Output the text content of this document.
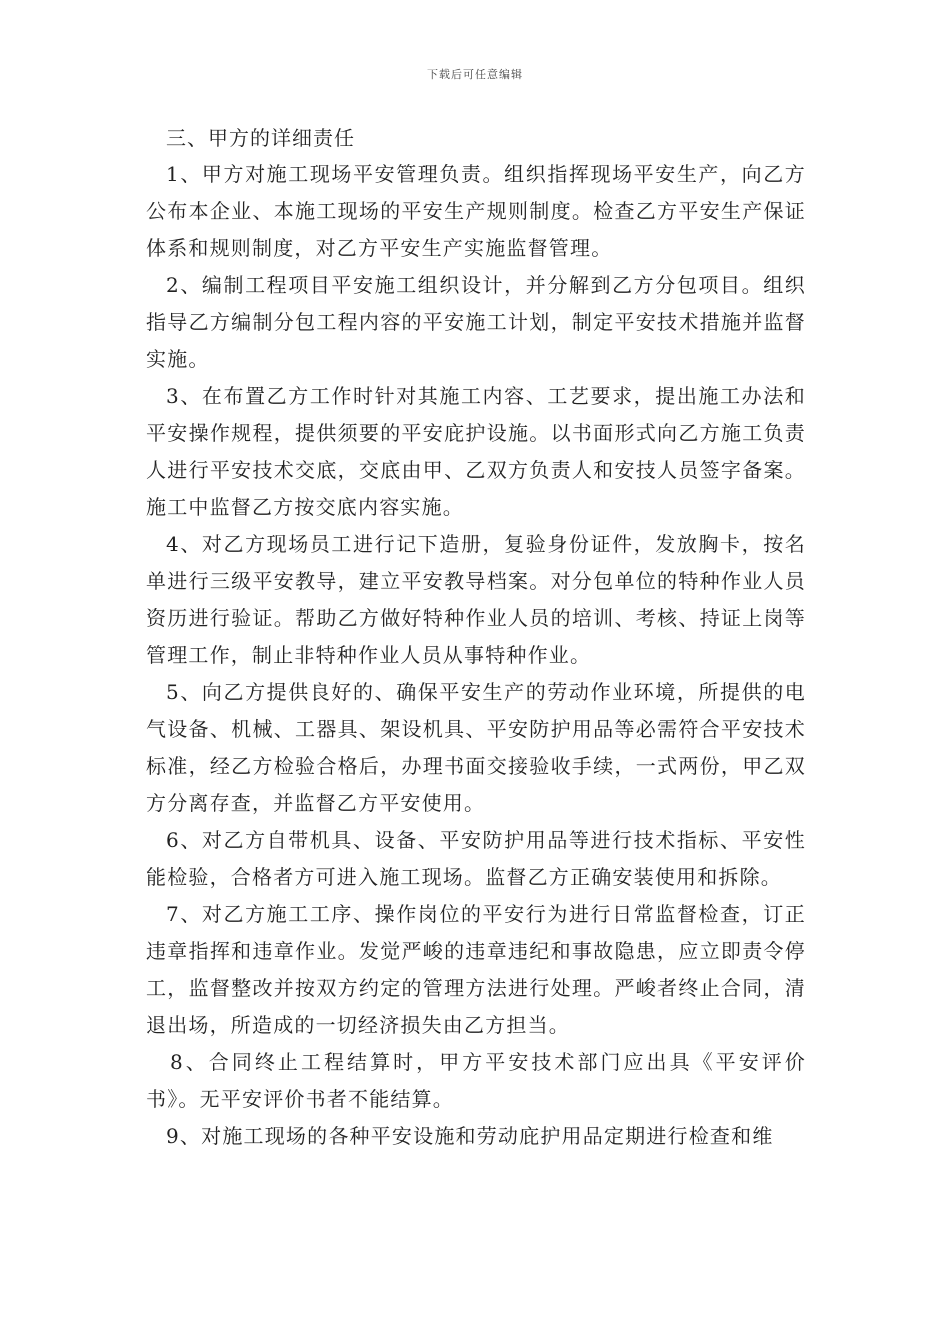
下载后可任意编辑
三、甲方的详细责任

1、甲方对施工现场平安管理负责。组织指挥现场平安生产，向乙方公布本企业、本施工现场的平安生产规则制度。检查乙方平安生产保证体系和规则制度，对乙方平安生产实施监督管理。

2、编制工程项目平安施工组织设计，并分解到乙方分包项目。组织指导乙方编制分包工程内容的平安施工计划，制定平安技术措施并监督实施。

3、在布置乙方工作时针对其施工内容、工艺要求，提出施工办法和平安操作规程，提供须要的平安庇护设施。以书面形式向乙方施工负责人进行平安技术交底，交底由甲、乙双方负责人和安技人员签字备案。施工中监督乙方按交底内容实施。

4、对乙方现场员工进行记下造册，复验身份证件，发放胸卡，按名单进行三级平安教导，建立平安教导档案。对分包单位的特种作业人员资历进行验证。帮助乙方做好特种作业人员的培训、考核、持证上岗等管理工作，制止非特种作业人员从事特种作业。

5、向乙方提供良好的、确保平安生产的劳动作业环境，所提供的电气设备、机械、工器具、架设机具、平安防护用品等必需符合平安技术标准，经乙方检验合格后，办理书面交接验收手续，一式两份，甲乙双方分离存查，并监督乙方平安使用。

6、对乙方自带机具、设备、平安防护用品等进行技术指标、平安性能检验，合格者方可进入施工现场。监督乙方正确安装使用和拆除。

7、对乙方施工工序、操作岗位的平安行为进行日常监督检查，订正违章指挥和违章作业。发觉严峻的违章违纪和事故隐患，应立即责令停工，监督整改并按双方约定的管理方法进行处理。严峻者终止合同，清退出场，所造成的一切经济损失由乙方担当。

8、合同终止工程结算时，甲方平安技术部门应出具《平安评价书》。无平安评价书者不能结算。

9、对施工现场的各种平安设施和劳动庇护用品定期进行检查和维
